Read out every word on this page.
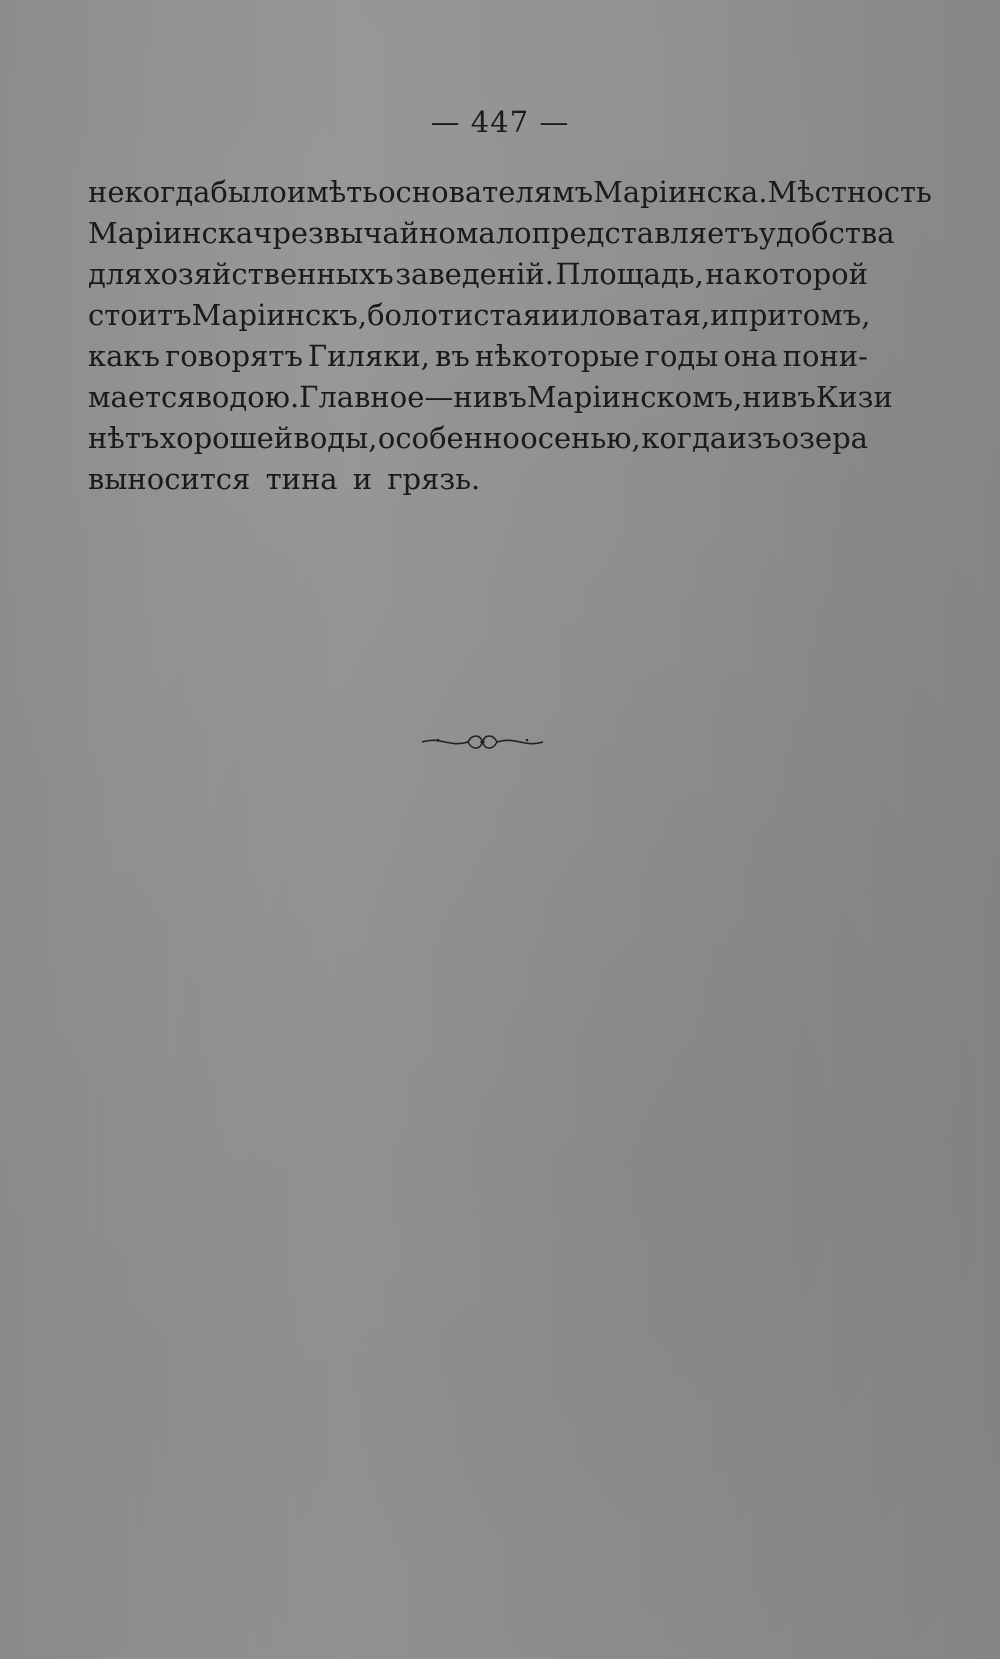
— 447 —
некогда было имѣть основателямъ Маріинска. Мѣстность
Маріинска чрезвычайно мало представляетъ удобства
для хозяйственныхъ заведеній. Площадь, на которой
стоитъ Маріинскъ, болотистая и иловатая, и притомъ,
какъ говорятъ Гиляки, въ нѣкоторые годы она пони-
мается водою. Главное—ни въ Маріинскомъ, ни въ Кизи
нѣтъ хорошей воды, особенно осенью, когда изъ озера
выносится
тина
и
грязь.
